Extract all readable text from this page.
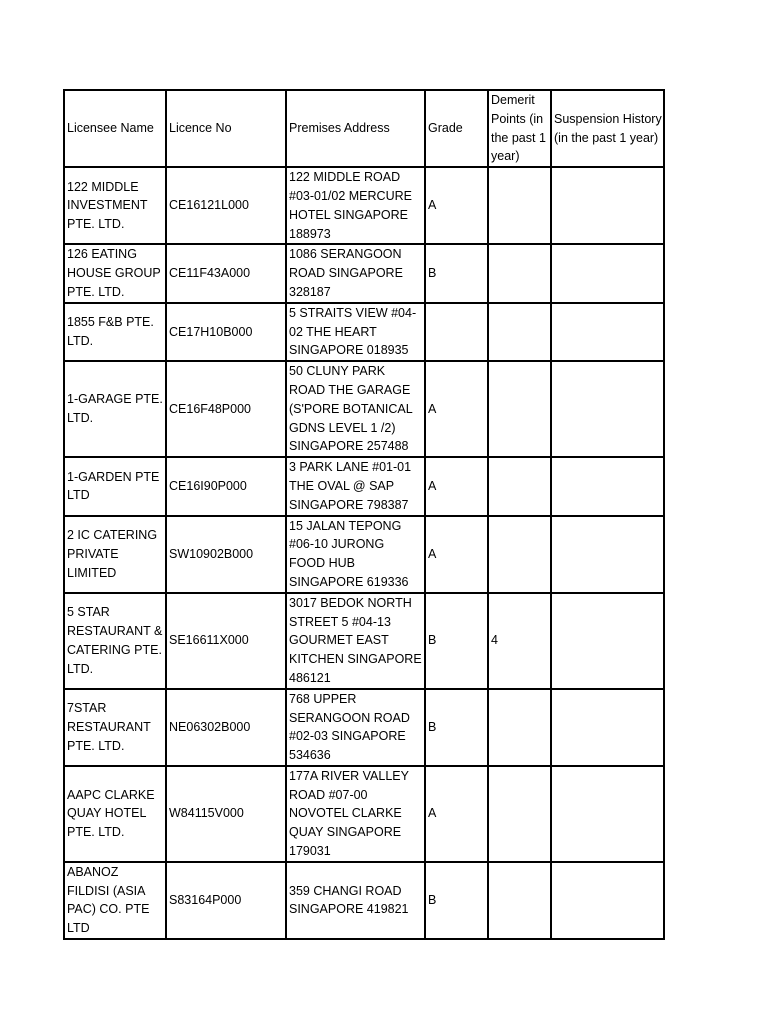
Licensee Name	Licence No	Premises Address	Grade	Demerit Points (in the past 1 year)	Suspension History (in the past 1 year)
122 MIDDLE INVESTMENT PTE. LTD.	CE16121L000	122 MIDDLE ROAD #03-01/02 MERCURE HOTEL SINGAPORE 188973	A		
126 EATING HOUSE GROUP PTE. LTD.	CE11F43A000	1086 SERANGOON ROAD SINGAPORE 328187	B		
1855 F&B PTE. LTD.	CE17H10B000	5 STRAITS VIEW #04-02 THE HEART SINGAPORE 018935			
1-GARAGE PTE. LTD.	CE16F48P000	50 CLUNY PARK ROAD THE GARAGE (S'PORE BOTANICAL GDNS LEVEL 1 /2) SINGAPORE 257488	A		
1-GARDEN PTE LTD	CE16I90P000	3 PARK LANE #01-01 THE OVAL @ SAP SINGAPORE 798387	A		
2 IC CATERING PRIVATE LIMITED	SW10902B000	15 JALAN TEPONG #06-10 JURONG FOOD HUB SINGAPORE 619336	A		
5 STAR RESTAURANT & CATERING PTE. LTD.	SE16611X000	3017 BEDOK NORTH STREET 5 #04-13 GOURMET EAST KITCHEN SINGAPORE 486121	B	4	
7STAR RESTAURANT PTE. LTD.	NE06302B000	768 UPPER SERANGOON ROAD #02-03 SINGAPORE 534636	B		
AAPC CLARKE QUAY HOTEL PTE. LTD.	W84115V000	177A RIVER VALLEY ROAD #07-00 NOVOTEL CLARKE QUAY SINGAPORE 179031	A		
ABANOZ FILDISI (ASIA PAC) CO. PTE LTD	S83164P000	359 CHANGI ROAD SINGAPORE 419821	B		
